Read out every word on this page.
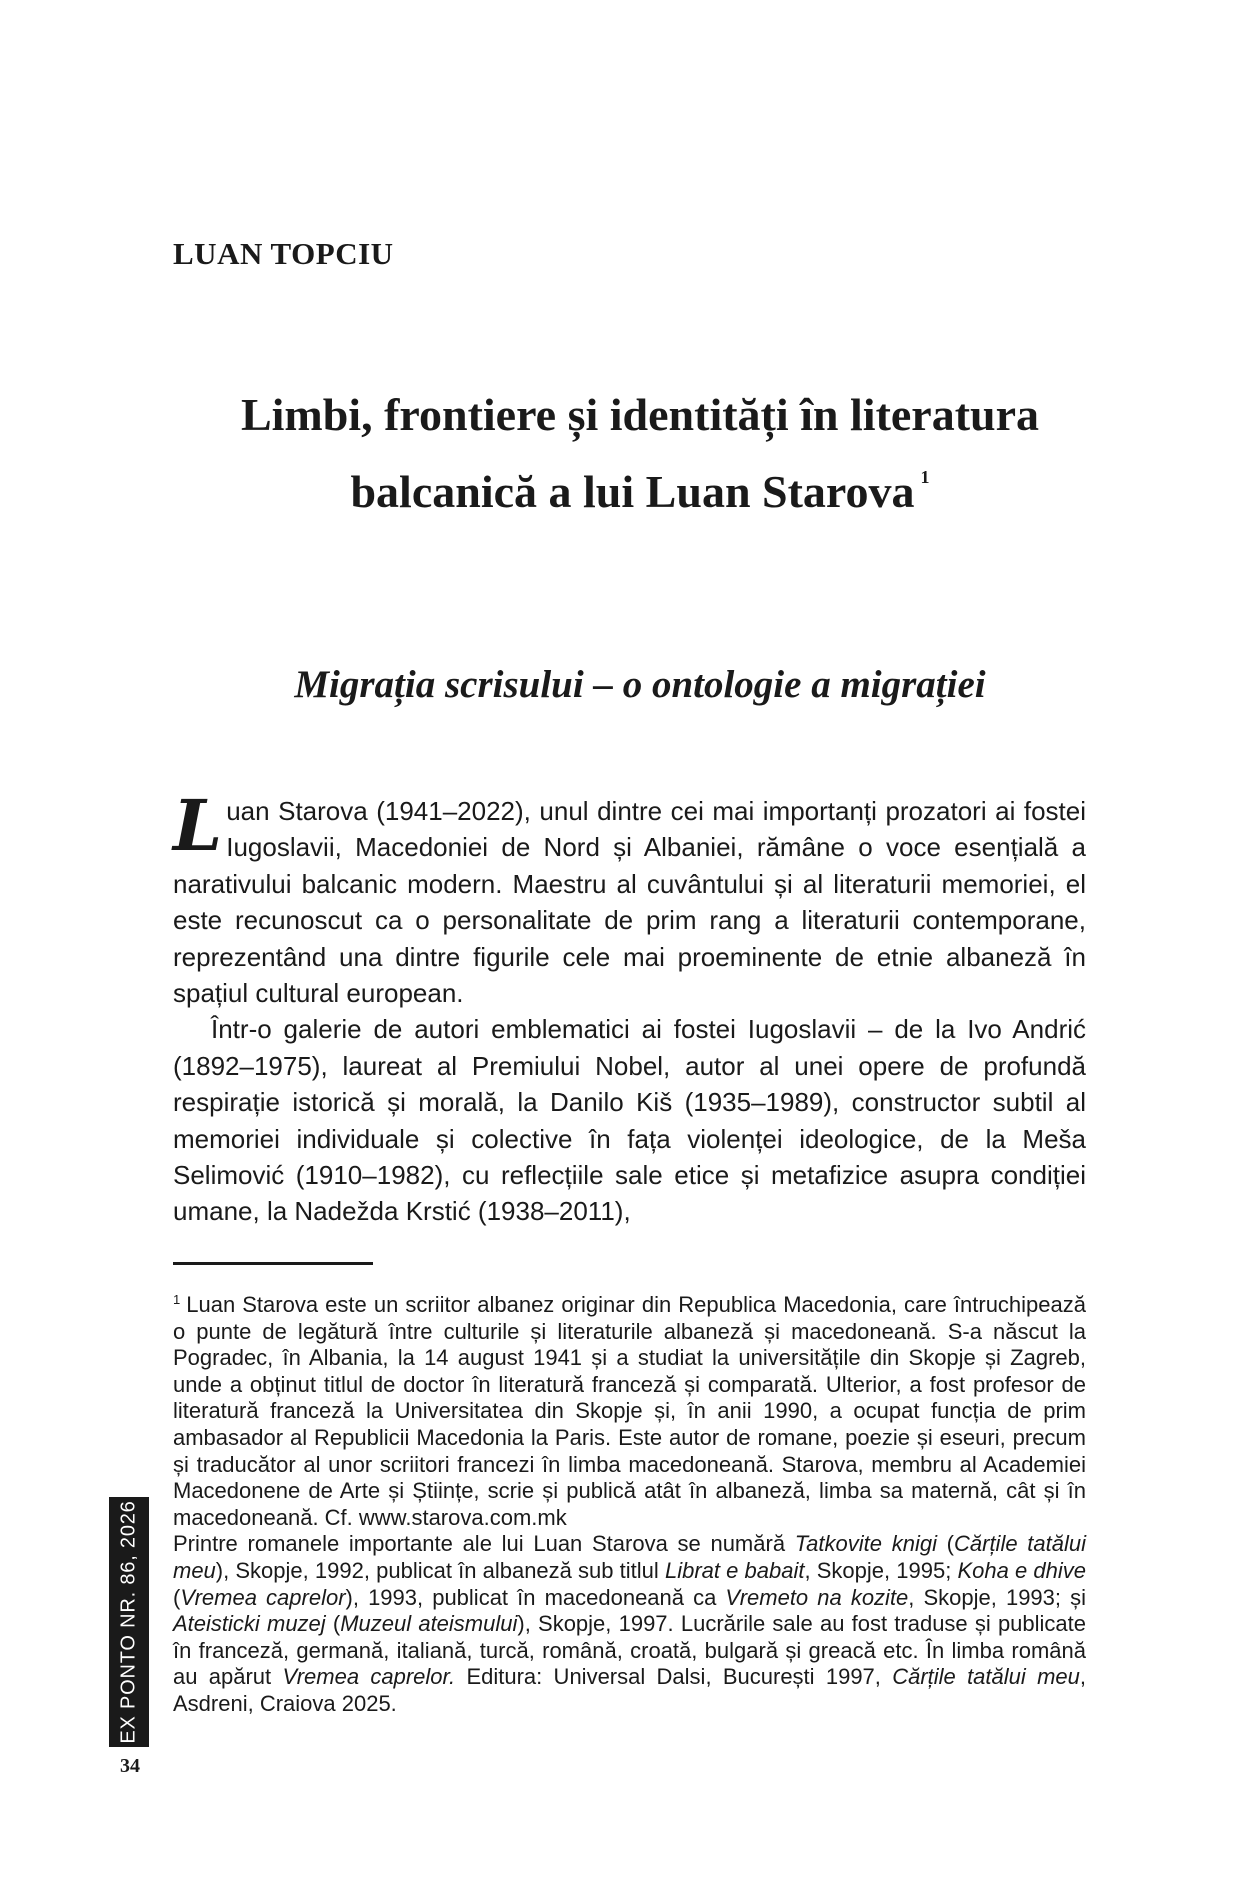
LUAN TOPCIU
Limbi, frontiere și identități în literatura
balcanică a lui Luan Starova $^1$
Migrația scrisului – o ontologie a migrației

Luan Starova (1941–2022), unul dintre cei mai importanți prozatori ai fostei Iugoslavii, Macedoniei de Nord și Albaniei, rămâne o voce esențială a narativului balcanic modern. Maestru al cuvântului și al literaturii memoriei, el este recunoscut ca o personalitate de prim rang a literaturii contemporane, reprezentând una dintre figurile cele mai proeminente de etnie albaneză în spațiul cultural european.

Într-o galerie de autori emblematici ai fostei Iugoslavii – de la Ivo Andrić (1892–1975), laureat al Premiului Nobel, autor al unei opere de profundă respirație istorică și morală, la Danilo Kiš (1935–1989), constructor subtil al memoriei individuale și colective în fața violenței ideologice, de la Meša Selimović (1910–1982), cu reflecțiile sale etice și metafizice asupra condiției umane, la Nadežda Krstić (1938–2011),

$^1$ Luan Starova este un scriitor albanez originar din Republica Macedonia, care întruchipează o punte de legătură între culturile și literaturile albaneză și macedoneană. S-a născut la Pogradec, în Albania, la 14 august 1941 și a studiat la universitățile din Skopje și Zagreb, unde a obținut titlul de doctor în literatură franceză și comparată. Ulterior, a fost profesor de literatură franceză la Universitatea din Skopje și, în anii 1990, a ocupat funcția de prim ambasador al Republicii Macedonia la Paris. Este autor de romane, poezie și eseuri, precum și traducător al unor scriitori francezi în limba macedoneană. Starova, membru al Academiei Macedonene de Arte și Științe, scrie și publică atât în albaneză, limba sa maternă, cât și în macedoneană. Cf. www.starova.com.mk

Printre romanele importante ale lui Luan Starova se numără Tatkovite knigi (Cărțile tatălui meu), Skopje, 1992, publicat în albaneză sub titlul Librat e babait, Skopje, 1995; Koha e dhive (Vremea caprelor), 1993, publicat în macedoneană ca Vremeto na kozite, Skopje, 1993; și Ateisticki muzej (Muzeul ateismului), Skopje, 1997. Lucrările sale au fost traduse și publicate în franceză, germană, italiană, turcă, română, croată, bulgară și greacă etc. În limba română au apărut Vremea caprelor. Editura: Universal Dalsi, București 1997, Cărțile tatălui meu, Asdreni, Craiova 2025.

EX PONTO NR. 86, 2026
34
